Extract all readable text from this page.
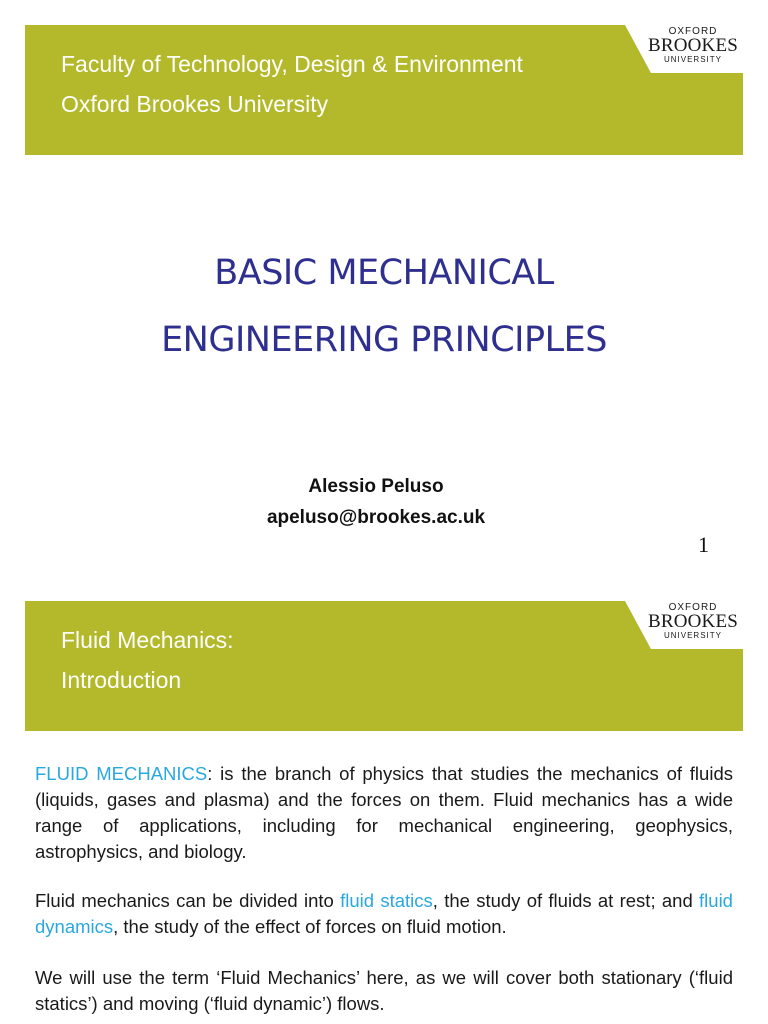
Faculty of Technology, Design & Environment
Oxford Brookes University
OXFORD
BROOKES
UNIVERSITY
BASIC MECHANICAL
ENGINEERING PRINCIPLES
Alessio Peluso
apeluso@brookes.ac.uk
1
Fluid Mechanics:
Introduction
OXFORD
BROOKES
UNIVERSITY

FLUID MECHANICS: is the branch of physics that studies the mechanics of fluids (liquids, gases and plasma) and the forces on them. Fluid mechanics has a wide range of applications, including for mechanical engineering, geophysics, astrophysics, and biology.

Fluid mechanics can be divided into fluid statics, the study of fluids at rest; and fluid dynamics, the study of the effect of forces on fluid motion.

We will use the term ‘Fluid Mechanics’ here, as we will cover both stationary (‘fluid statics’) and moving (‘fluid dynamic’) flows.
